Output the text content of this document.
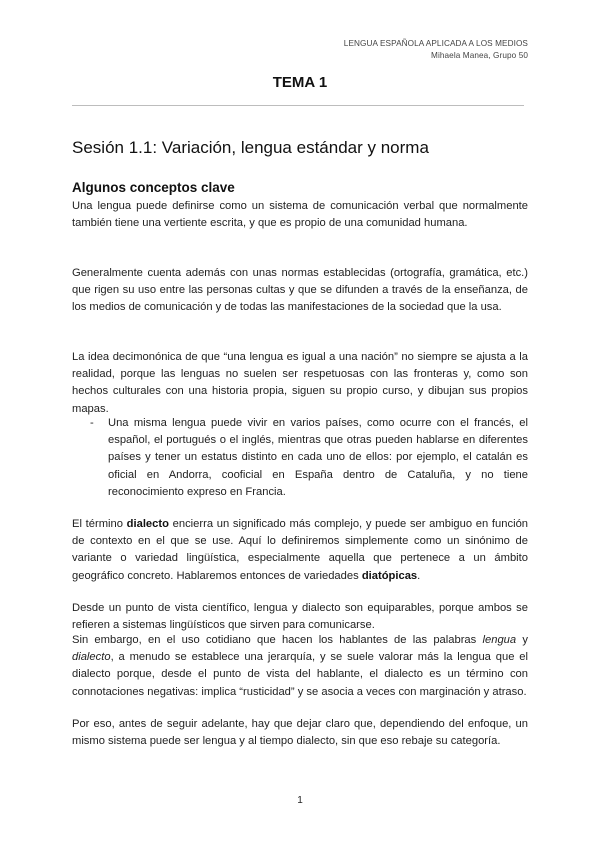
LENGUA ESPAÑOLA APLICADA A LOS MEDIOS
Mihaela Manea, Grupo 50
TEMA 1
Sesión 1.1: Variación, lengua estándar y norma
Algunos conceptos clave

Una lengua puede definirse como un sistema de comunicación verbal que normalmente también tiene una vertiente escrita, y que es propio de una comunidad humana.

Generalmente cuenta además con unas normas establecidas (ortografía, gramática, etc.) que rigen su uso entre las personas cultas y que se difunden a través de la enseñanza, de los medios de comunicación y de todas las manifestaciones de la sociedad que la usa.

La idea decimonónica de que “una lengua es igual a una nación” no siempre se ajusta a la realidad, porque las lenguas no suelen ser respetuosas con las fronteras y, como son hechos culturales con una historia propia, siguen su propio curso, y dibujan sus propios mapas.

- Una misma lengua puede vivir en varios países, como ocurre con el francés, el español, el portugués o el inglés, mientras que otras pueden hablarse en diferentes países y tener un estatus distinto en cada uno de ellos: por ejemplo, el catalán es oficial en Andorra, cooficial en España dentro de Cataluña, y no tiene reconocimiento expreso en Francia.

El término dialecto encierra un significado más complejo, y puede ser ambiguo en función de contexto en el que se use. Aquí lo definiremos simplemente como un sinónimo de variante o variedad lingüística, especialmente aquella que pertenece a un ámbito geográfico concreto. Hablaremos entonces de variedades diatópicas.

Desde un punto de vista científico, lengua y dialecto son equiparables, porque ambos se refieren a sistemas lingüísticos que sirven para comunicarse.

Sin embargo, en el uso cotidiano que hacen los hablantes de las palabras lengua y dialecto, a menudo se establece una jerarquía, y se suele valorar más la lengua que el dialecto porque, desde el punto de vista del hablante, el dialecto es un término con connotaciones negativas: implica “rusticidad” y se asocia a veces con marginación y atraso.

Por eso, antes de seguir adelante, hay que dejar claro que, dependiendo del enfoque, un mismo sistema puede ser lengua y al tiempo dialecto, sin que eso rebaje su categoría.

1
